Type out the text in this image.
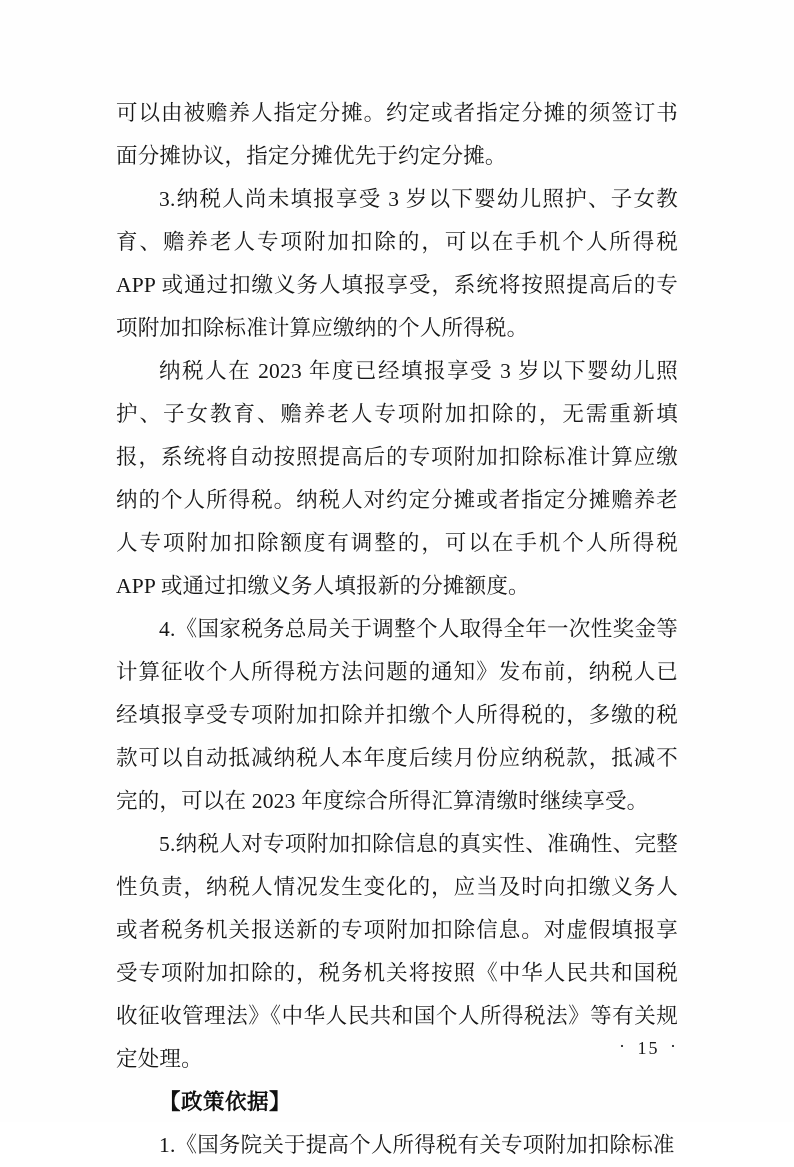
可以由被赡养人指定分摊。约定或者指定分摊的须签订书面分摊协议，指定分摊优先于约定分摊。

3.纳税人尚未填报享受 3 岁以下婴幼儿照护、子女教育、赡养老人专项附加扣除的，可以在手机个人所得税 APP 或通过扣缴义务人填报享受，系统将按照提高后的专项附加扣除标准计算应缴纳的个人所得税。

纳税人在 2023 年度已经填报享受 3 岁以下婴幼儿照护、子女教育、赡养老人专项附加扣除的，无需重新填报，系统将自动按照提高后的专项附加扣除标准计算应缴纳的个人所得税。纳税人对约定分摊或者指定分摊赡养老人专项附加扣除额度有调整的，可以在手机个人所得税 APP 或通过扣缴义务人填报新的分摊额度。

4.《国家税务总局关于调整个人取得全年一次性奖金等计算征收个人所得税方法问题的通知》发布前，纳税人已经填报享受专项附加扣除并扣缴个人所得税的，多缴的税款可以自动抵减纳税人本年度后续月份应纳税款，抵减不完的，可以在 2023 年度综合所得汇算清缴时继续享受。

5.纳税人对专项附加扣除信息的真实性、准确性、完整性负责，纳税人情况发生变化的，应当及时向扣缴义务人或者税务机关报送新的专项附加扣除信息。对虚假填报享受专项附加扣除的，税务机关将按照《中华人民共和国税收征收管理法》《中华人民共和国个人所得税法》等有关规定处理。

【政策依据】

1.《国务院关于提高个人所得税有关专项附加扣除标准

· 15 ·
